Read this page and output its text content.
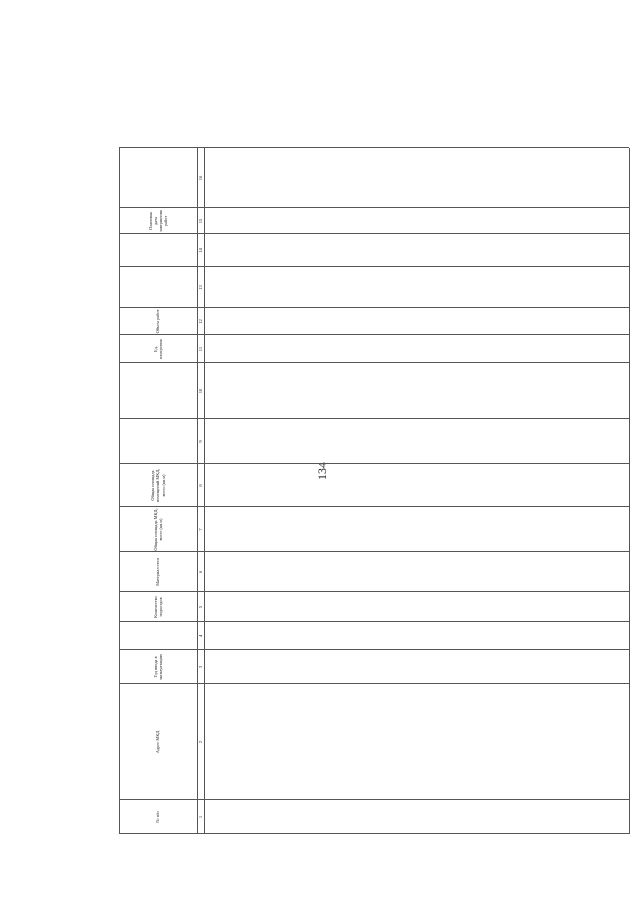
134
№ п/п
Адрес МКД
Год ввода в эксплуатацию
Количество подъездов
Материал стен
Общая площадь МКД, всего (кв.м)
Общая площадь помещений МКД, всего (кв.м)
Ед. измерения
Объем работ
Плановая дата завершения работ
1
2
3
4
5
6
7
8
9
10
11
12
13
14
15
16
